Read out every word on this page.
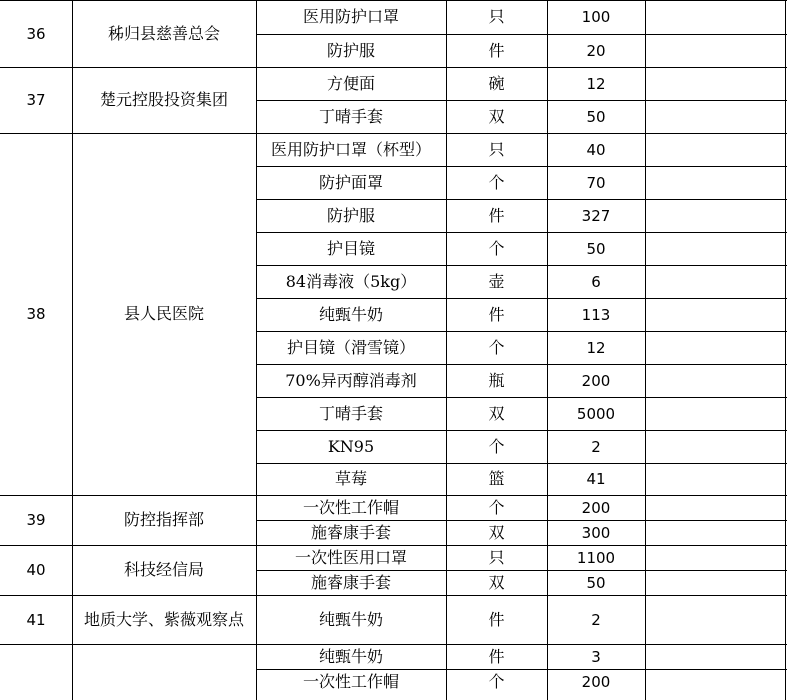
36	秭归县慈善总会
医用防护口罩	只	100
防护服	件	20
37	楚元控股投资集团
方便面	碗	12
丁晴手套	双	50
38	县人民医院
医用防护口罩（杯型）	只	40
防护面罩	个	70
防护服	件	327
护目镜	个	50
84消毒液（5kg）	壶	6
纯甄牛奶	件	113
护目镜（滑雪镜）	个	12
70%异丙醇消毒剂	瓶	200
丁晴手套	双	5000
KN95	个	2
草莓	篮	41
39	防控指挥部
一次性工作帽	个	200
施睿康手套	双	300
40	科技经信局
一次性医用口罩	只	1100
施睿康手套	双	50
41	地质大学、紫薇观察点	纯甄牛奶	件	2
纯甄牛奶	件	3
一次性工作帽	个	200
